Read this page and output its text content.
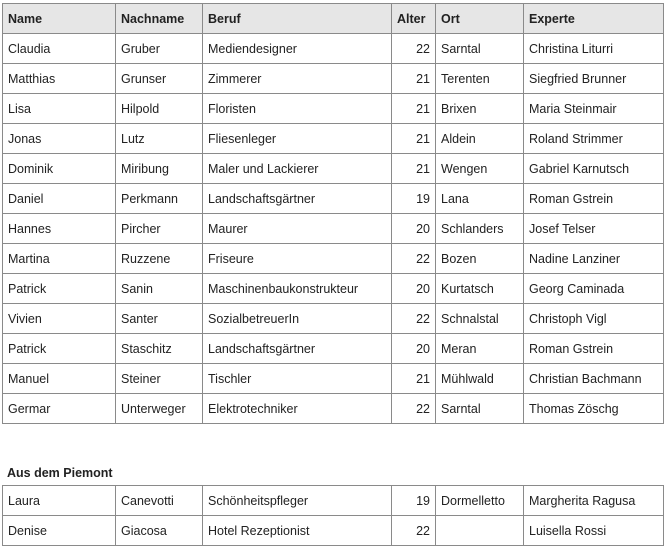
Name	Nachname	Beruf	Alter	Ort	Experte
Claudia	Gruber	Mediendesigner	22	Sarntal	Christina Liturri
Matthias	Grunser	Zimmerer	21	Terenten	Siegfried Brunner
Lisa	Hilpold	Floristen	21	Brixen	Maria Steinmair
Jonas	Lutz	Fliesenleger	21	Aldein	Roland Strimmer
Dominik	Miribung	Maler und Lackierer	21	Wengen	Gabriel Karnutsch
Daniel	Perkmann	Landschaftsgärtner	19	Lana	Roman Gstrein
Hannes	Pircher	Maurer	20	Schlanders	Josef Telser
Martina	Ruzzene	Friseure	22	Bozen	Nadine Lanziner
Patrick	Sanin	Maschinenbaukonstrukteur	20	Kurtatsch	Georg Caminada
Vivien	Santer	SozialbetreuerIn	22	Schnalstal	Christoph Vigl
Patrick	Staschitz	Landschaftsgärtner	20	Meran	Roman Gstrein
Manuel	Steiner	Tischler	21	Mühlwald	Christian Bachmann
Germar	Unterweger	Elektrotechniker	22	Sarntal	Thomas Zöschg
Aus dem Piemont
Laura	Canevotti	Schönheitspfleger	19	Dormelletto	Margherita Ragusa
Denise	Giacosa	Hotel Rezeptionist	22		Luisella Rossi
